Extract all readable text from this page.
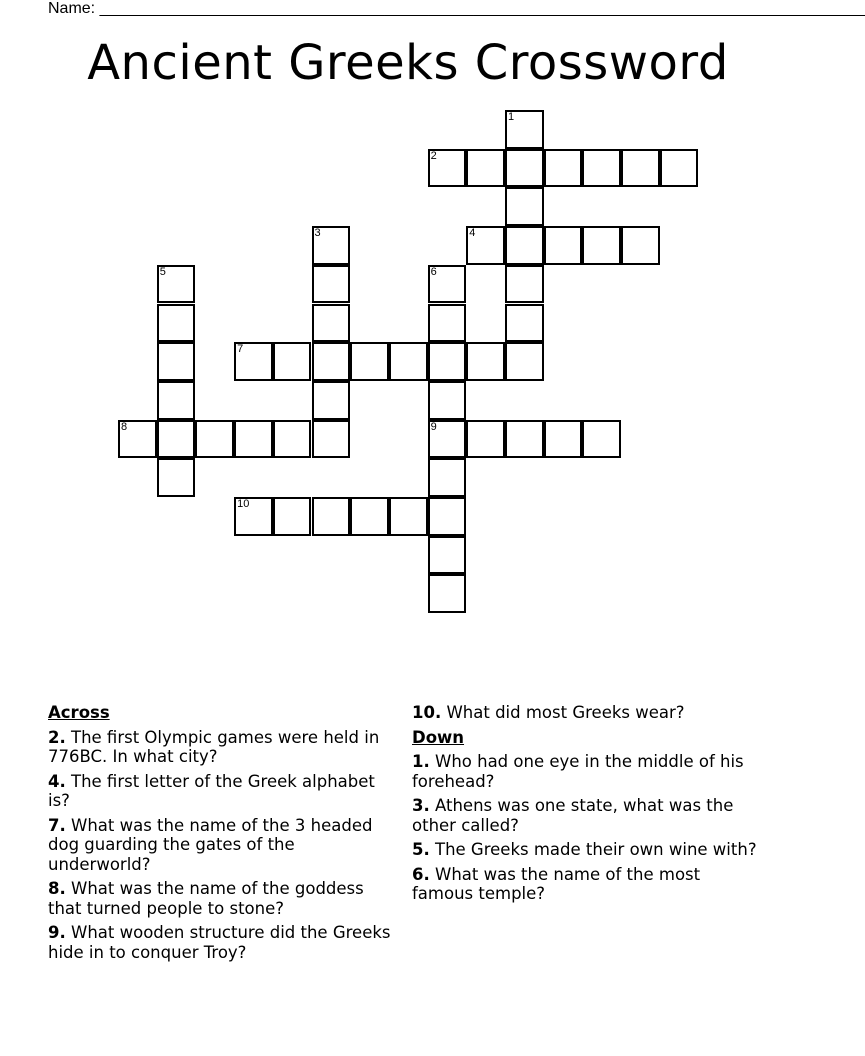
Name: ______________________________________________________________________________________
Ancient Greeks Crossword
1
2
3	4
5	6
9
7
8
10
Across
2. The first Olympic games were held in 776BC. In what city?
4. The first letter of the Greek alphabet is?
7. What was the name of the 3 headed dog guarding the gates of the underworld?
8. What was the name of the goddess that turned people to stone?
9. What wooden structure did the Greeks hide in to conquer Troy?
10. What did most Greeks wear?
Down
1. Who had one eye in the middle of his forehead?
3. Athens was one state, what was the other called?
5. The Greeks made their own wine with?
6. What was the name of the most famous temple?
